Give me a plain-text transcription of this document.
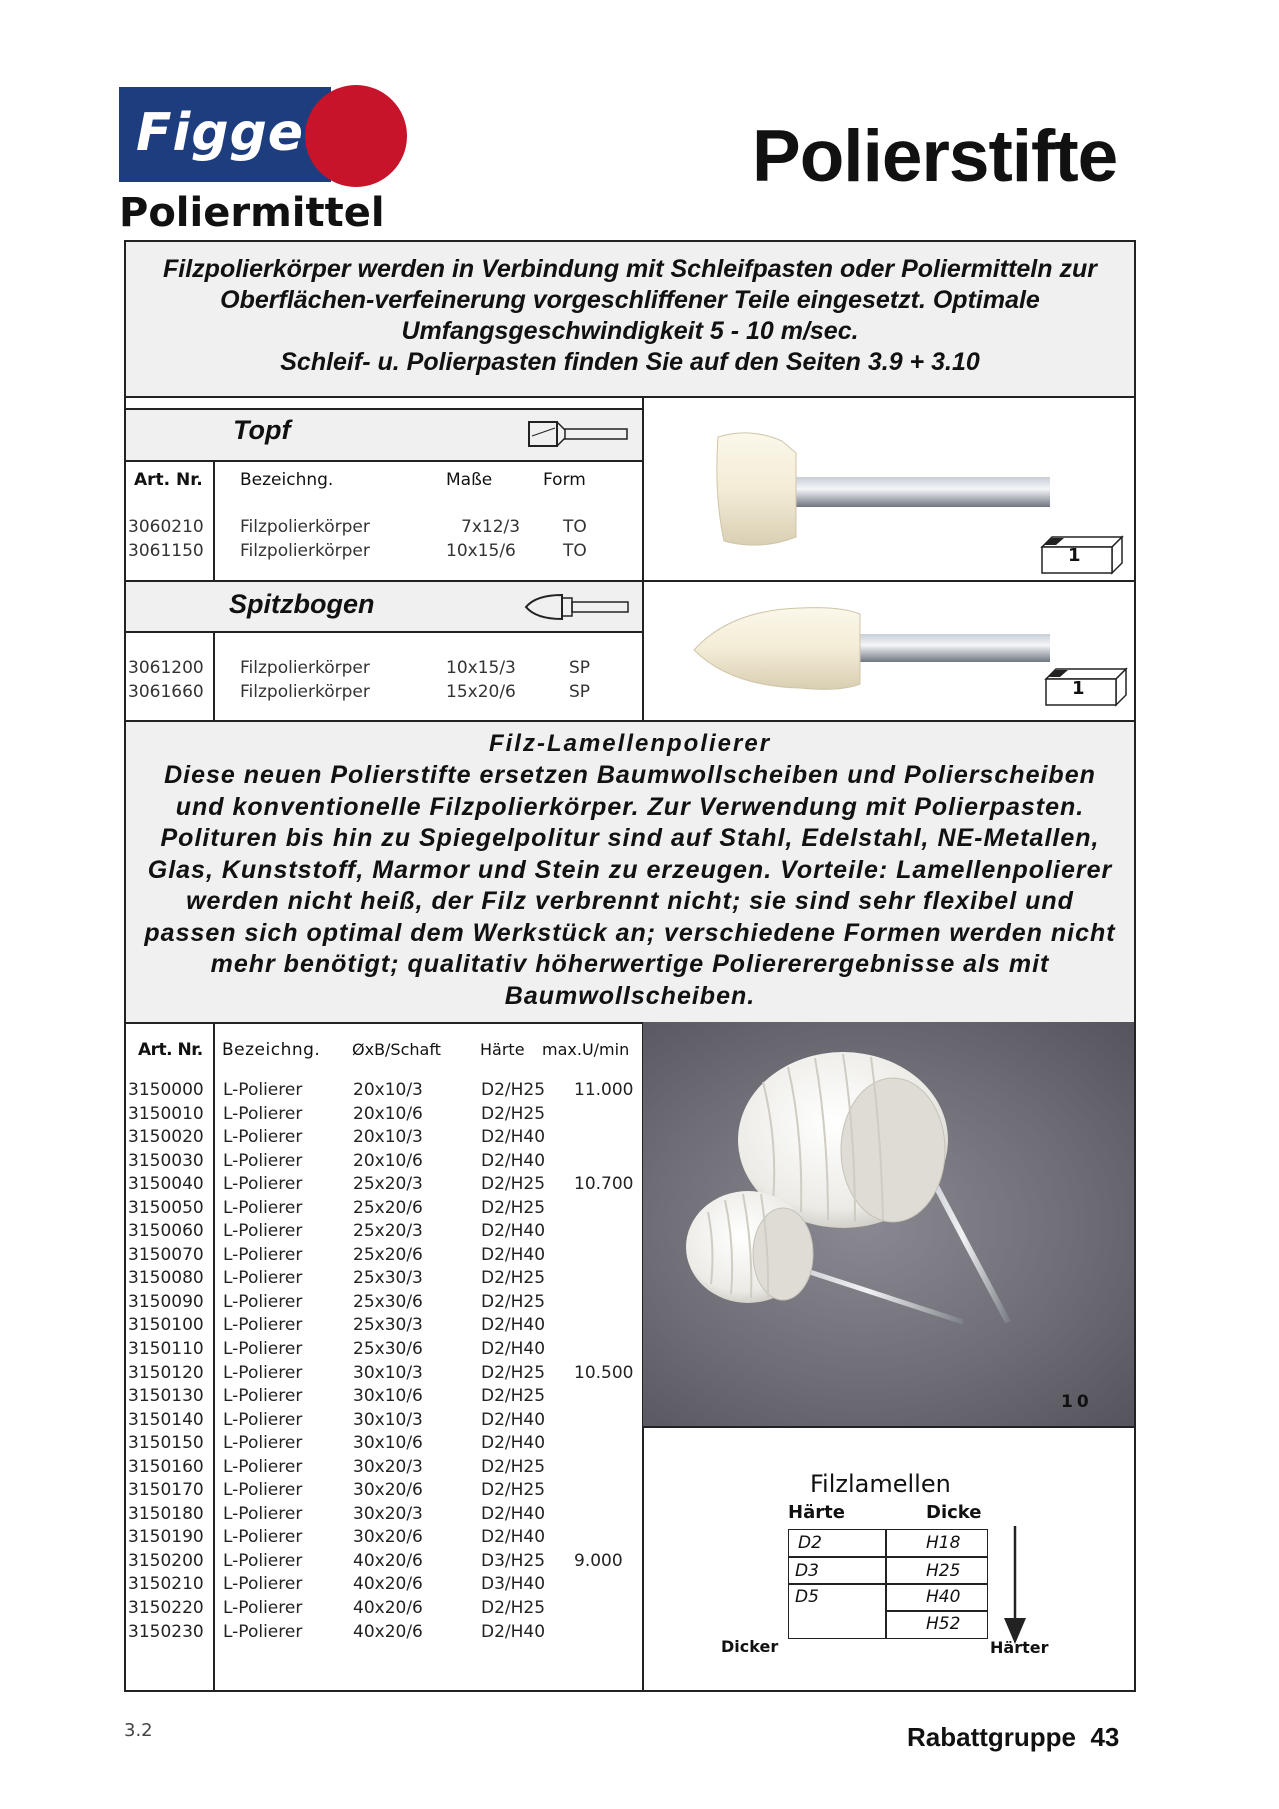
Figge
Poliermittel
Polierstifte

Filzpolierkörper werden in Verbindung mit Schleifpasten oder Poliermitteln zur Oberflächen-verfeinerung vorgeschliffener Teile eingesetzt. Optimale Umfangsgeschwindigkeit 5 - 10 m/sec.
Schleif- u. Polierpasten finden Sie auf den Seiten 3.9 + 3.10

Topf
Art. Nr. Bezeichng.	Maße	Form
3060210 Filzpolierkörper	7x12/3	TO
3061150 Filzpolierkörper	10x15/6	TO	1
Spitzbogen
3061200 Filzpolierkörper	10x15/3	SP
3061660 Filzpolierkörper	15x20/6	SP	1
Filz-Lamellenpolierer

Diese neuen Polierstifte ersetzen Baumwollscheiben und Polierscheiben und konventionelle Filzpolierkörper. Zur Verwendung mit Polierpasten. Polituren bis hin zu Spiegelpolitur sind auf Stahl, Edelstahl, NE-Metallen, Glas, Kunststoff, Marmor und Stein zu erzeugen. Vorteile: Lamellenpolierer werden nicht heiß, der Filz verbrennt nicht; sie sind sehr flexibel und passen sich optimal dem Werkstück an; verschiedene Formen werden nicht mehr benötigt; qualitativ höherwertige Poliererergebnisse als mit Baumwollscheiben.

Art. Nr. Bezeichng. ØxB/Schaft Härte max.U/min
3150000 L-Polierer	20x10/3	D2/H25 11.000
3150010 L-Polierer	20x10/6	D2/H25
3150020 L-Polierer	20x10/3	D2/H40
3150030 L-Polierer	20x10/6	D2/H40
3150040 L-Polierer	25x20/3	D2/H25 10.700
3150050 L-Polierer	25x20/6	D2/H25
3150060 L-Polierer	25x20/3	D2/H40
3150070 L-Polierer	25x20/6	D2/H40
3150080 L-Polierer	25x30/3	D2/H25
3150090 L-Polierer	25x30/6	D2/H25
3150100 L-Polierer	25x30/3	D2/H40
3150110 L-Polierer	25x30/6	D2/H40
3150120 L-Polierer	30x10/3	D2/H25 10.500
3150130 L-Polierer	30x10/6	D2/H25
3150140 L-Polierer	30x10/3	D2/H40
3150150 L-Polierer	30x10/6	D2/H40
3150160 L-Polierer	30x20/3	D2/H25
3150170 L-Polierer	30x20/6	D2/H25
3150180 L-Polierer	30x20/3	D2/H40
3150190 L-Polierer	30x20/6	D2/H40
3150200 L-Polierer	40x20/6	D3/H25 9.000
3150210 L-Polierer	40x20/6	D3/H40
3150220 L-Polierer	40x20/6	D2/H25
3150230 L-Polierer	40x20/6	D2/H40
10
Filzlamellen
Härte	Dicke
D2	H18
D3	H25
D5	H40
H52
Dicker	Härter
3.2	Rabattgruppe  43
